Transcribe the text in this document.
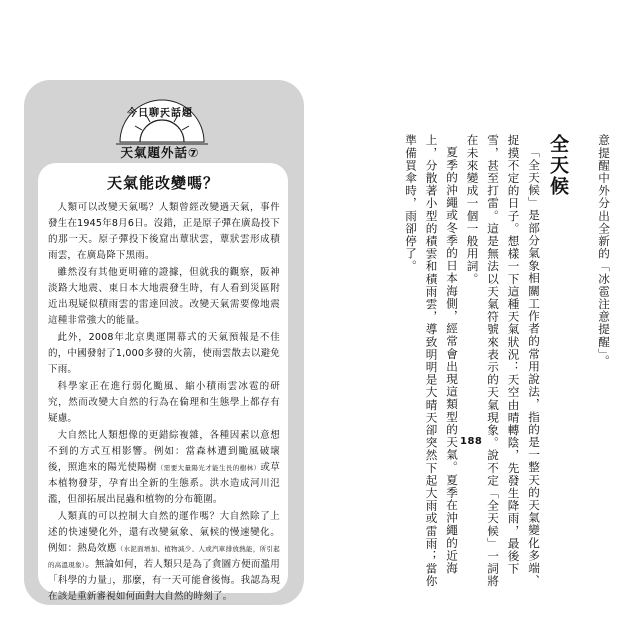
今日聊天話題
天氣題外話⑦
天氣能改變嗎？

人類可以改變天氣嗎？人類曾經改變過天氣，事件發生在1945年8月6日。沒錯，正是原子彈在廣島投下的那一天。原子彈投下後窟出蕈狀雲，蕈狀雲形成積雨雲，在廣島降下黑雨。

雖然沒有其他更明確的證據，但就我的觀察，阪神淡路大地震、東日本大地震發生時，有人看到災區附近出現疑似積雨雲的雷達回波。改變天氣需要像地震這種非常強大的能量。

此外，2008年北京奧運開幕式的天氣預報是不佳的，中國發射了1,000多發的火箭，使雨雲散去以避免下雨。

科學家正在進行弱化颱風、縮小積雨雲冰雹的研究，然而改變大自然的行為在倫理和生態學上都存有疑慮。

大自然比人類想像的更錯綜複雜，各種因素以意想不到的方式互相影響。例如：當森林遭到颱風破壞後，照進來的陽光使陽樹（需要大量陽光才能生長的樹林）或草本植物發芽，孕育出全新的生態系。洪水造成河川氾濫，但卻拓展出昆蟲和植物的分布範圍。

人類真的可以控制大自然的運作嗎？大自然除了上述的快速變化外，還有改變氣象、氣候的慢速變化。例如：熱島效應（水泥面增加、植物減少、人或汽車排放熱能，所引起的高溫現象）。無論如何，若人類只是為了貪圖方便而濫用「科學的力量」，那麼，有一天可能會後悔。我認為現在該是重新審視如何面對大自然的時刻了。

意提醒中外分出全新的「冰雹注意提醒」。

全天候

「全天候」是部分氣象相關工作者的常用說法，指的是一整天的天氣變化多端、捉摸不定的日子。想樣一下這種天氣狀況：天空由晴轉陰，先發生降雨，最後下雪，甚至打雷。這是無法以天氣符號來表示的天氣現象。說不定「全天候」一詞將在未來變成一個一般用詞。

夏季的沖繩或冬季的日本海側，經常會出現這類型的天氣。夏季在沖繩的近海上，分散著小型的積雲和積雨雲，導致明明是大晴天卻突然下起大雨或雷雨；當你準備買傘時，雨卻停了。

188
